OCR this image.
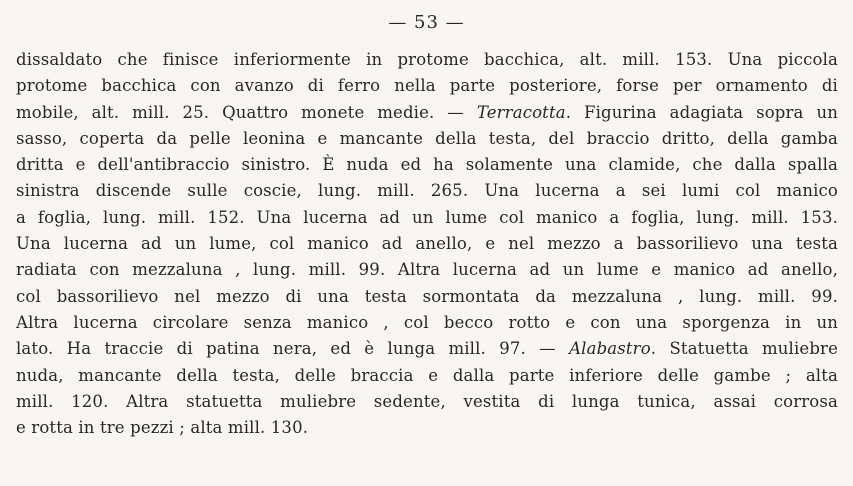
— 53 —
dissaldato che finisce inferiormente in protome bacchica, alt. mill. 153. Una piccola
protome bacchica con avanzo di ferro nella parte posteriore, forse per ornamento di
mobile, alt. mill. 25. Quattro monete medie. — Terracotta. Figurina adagiata sopra un
sasso, coperta da pelle leonina e mancante della testa, del braccio dritto, della gamba
dritta e dell'antibraccio sinistro. È nuda ed ha solamente una clamide, che dalla spalla
sinistra discende sulle coscie, lung. mill. 265. Una lucerna a sei lumi col manico
a foglia, lung. mill. 152. Una lucerna ad un lume col manico a foglia, lung. mill. 153.
Una lucerna ad un lume, col manico ad anello, e nel mezzo a bassorilievo una testa
radiata con mezzaluna , lung. mill. 99. Altra lucerna ad un lume e manico ad anello,
col bassorilievo nel mezzo di una testa sormontata da mezzaluna , lung. mill. 99.
Altra lucerna circolare senza manico , col becco rotto e con una sporgenza in un
lato. Ha traccie di patina nera, ed è lunga mill. 97. — Alabastro. Statuetta muliebre
nuda, mancante della testa, delle braccia e dalla parte inferiore delle gambe ; alta
mill. 120. Altra statuetta muliebre sedente, vestita di lunga tunica, assai corrosa
e rotta in tre pezzi ; alta mill. 130.
